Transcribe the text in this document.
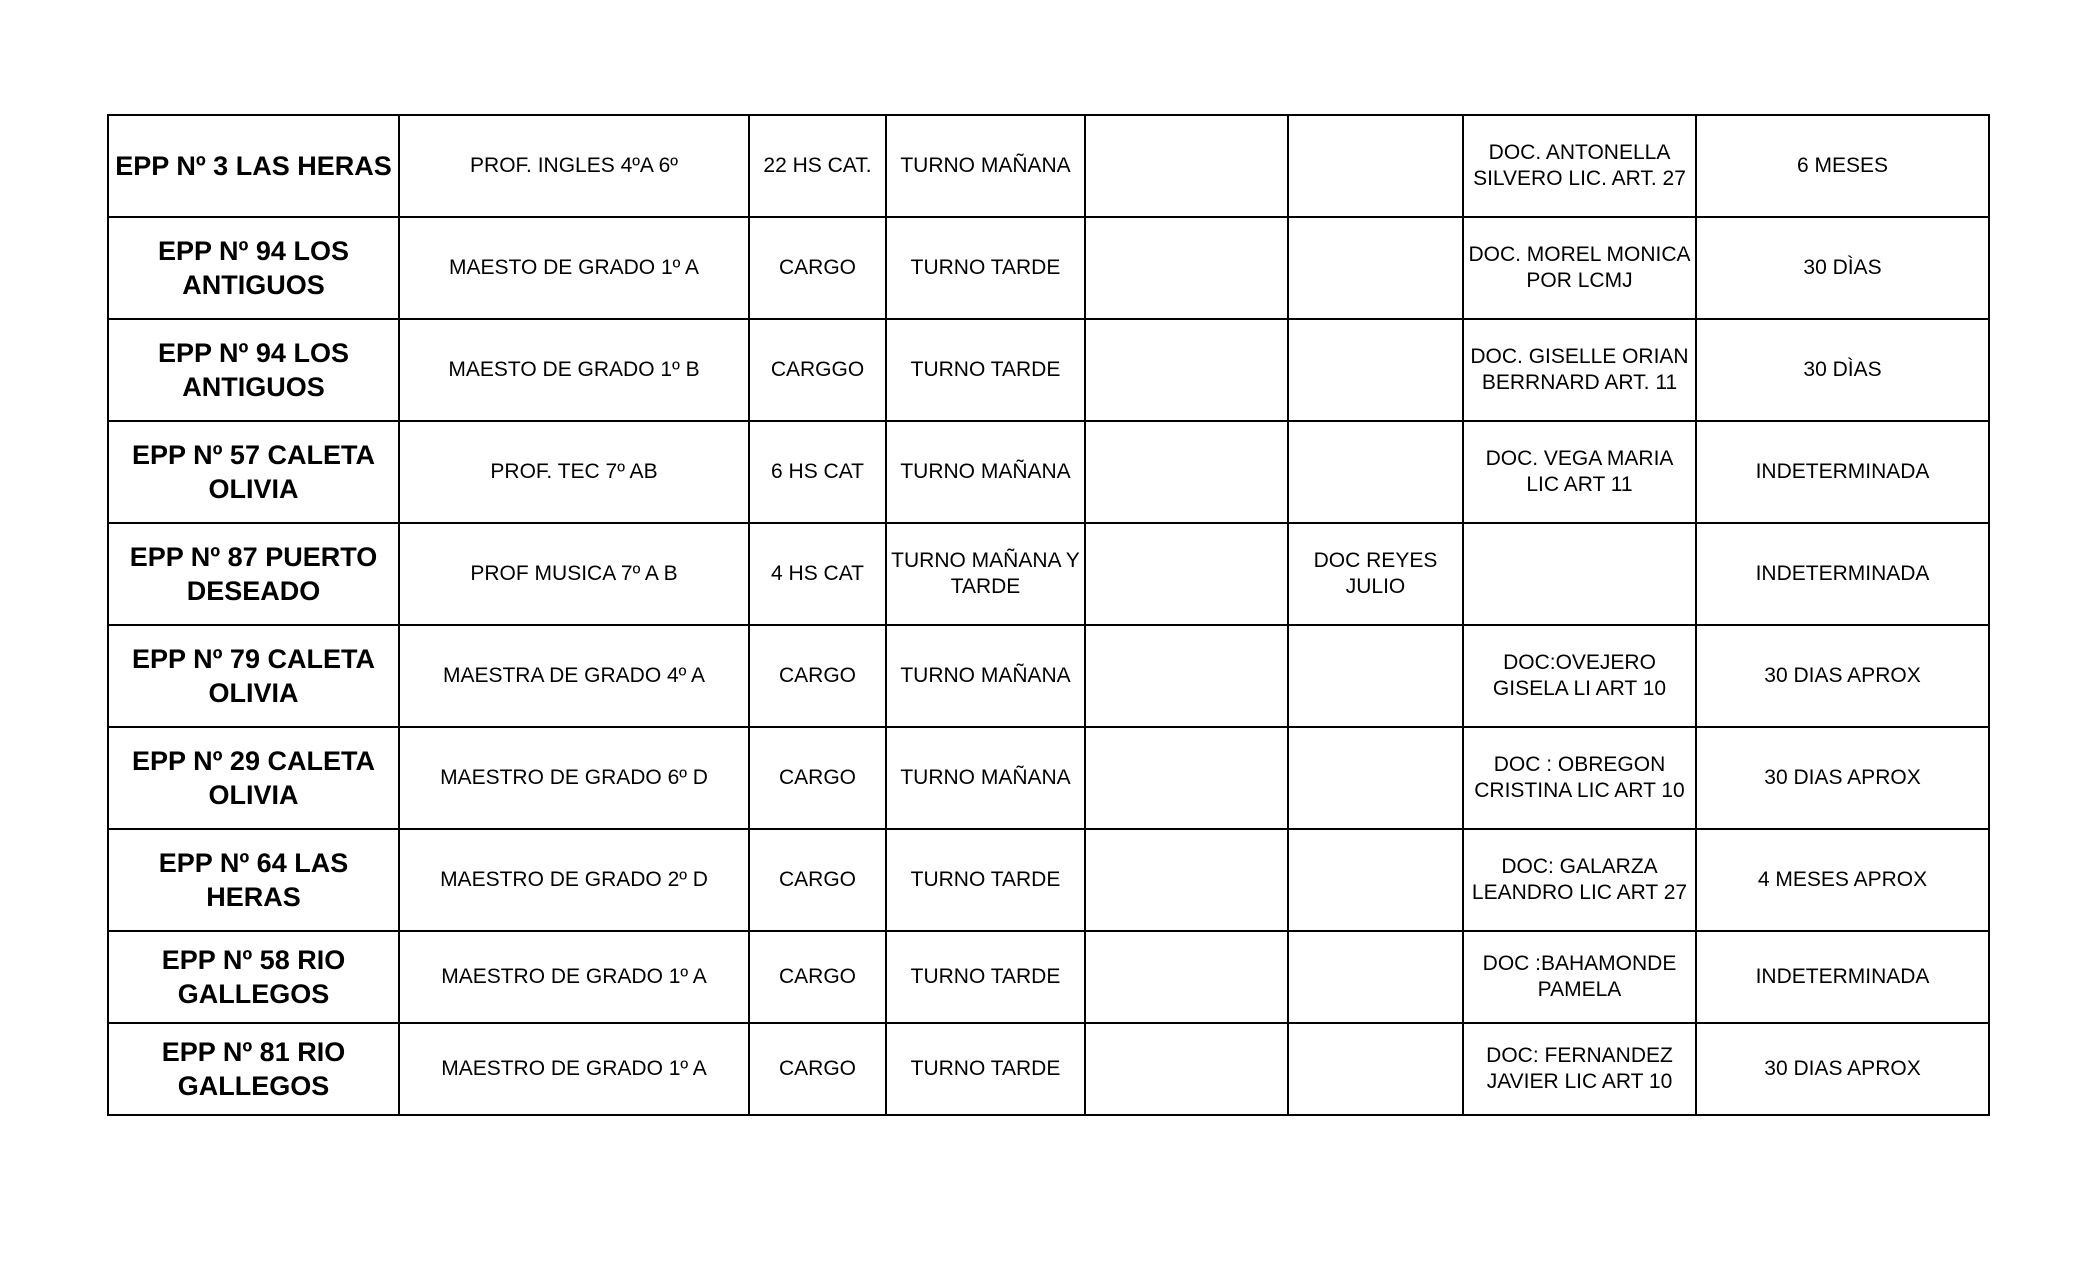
EPP Nº 3 LAS HERAS	PROF. INGLES 4ºA 6º	22 HS CAT.	TURNO MAÑANA			DOC. ANTONELLA SILVERO LIC. ART. 27	6 MESES
EPP Nº 94 LOS ANTIGUOS	MAESTO DE GRADO 1º A	CARGO	TURNO TARDE			DOC. MOREL MONICA POR LCMJ	30 DÌAS
EPP Nº 94 LOS ANTIGUOS	MAESTO DE GRADO 1º B	CARGGO	TURNO TARDE			DOC. GISELLE ORIAN BERRNARD ART. 11	30 DÌAS
EPP Nº 57 CALETA OLIVIA	PROF. TEC 7º AB	6 HS CAT	TURNO MAÑANA			DOC. VEGA MARIA LIC ART 11	INDETERMINADA
EPP Nº 87 PUERTO DESEADO	PROF MUSICA 7º A B	4 HS CAT	TURNO MAÑANA Y TARDE		DOC REYES JULIO		INDETERMINADA
EPP Nº 79 CALETA OLIVIA	MAESTRA DE GRADO 4º A	CARGO	TURNO MAÑANA			DOC:OVEJERO GISELA LI ART 10	30 DIAS APROX
EPP Nº 29 CALETA OLIVIA	MAESTRO DE GRADO 6º D	CARGO	TURNO MAÑANA			DOC : OBREGON CRISTINA LIC ART 10	30 DIAS APROX
EPP Nº 64 LAS HERAS	MAESTRO DE GRADO 2º D	CARGO	TURNO TARDE			DOC: GALARZA LEANDRO LIC ART 27	4 MESES APROX
EPP Nº 58 RIO GALLEGOS	MAESTRO DE GRADO 1º A	CARGO	TURNO TARDE			DOC :BAHAMONDE PAMELA	INDETERMINADA
EPP Nº 81 RIO GALLEGOS	MAESTRO DE GRADO 1º A	CARGO	TURNO TARDE			DOC: FERNANDEZ JAVIER LIC ART 10	30 DIAS APROX
